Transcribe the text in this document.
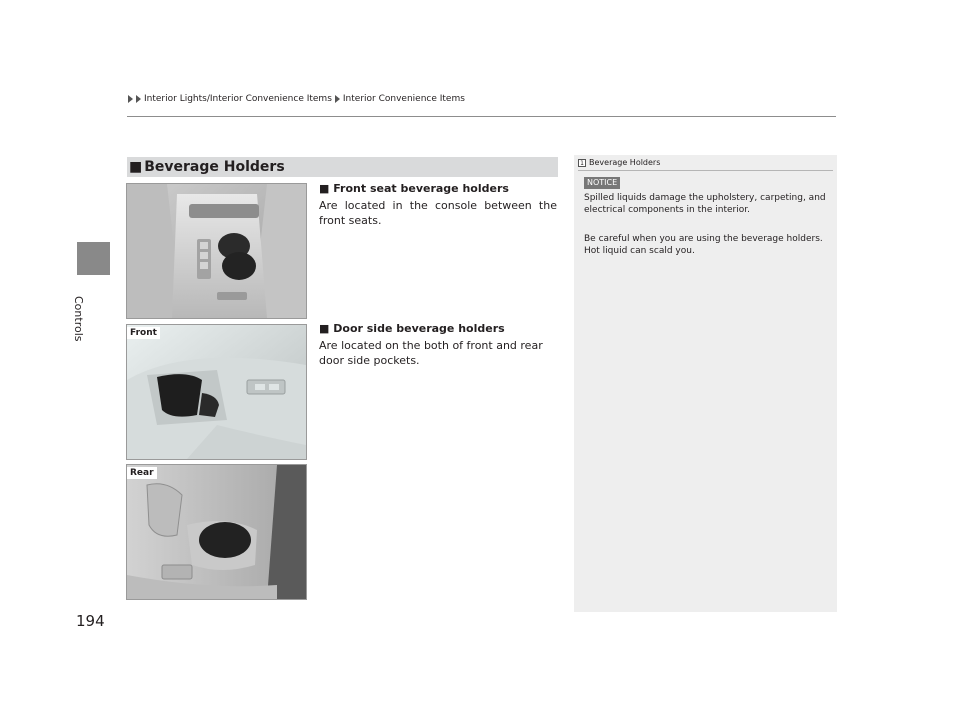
Controls
Interior Lights/Interior Convenience Items Interior Convenience Items
■ Beverage Holders
Front
Rear
■ Front seat beverage holders
Are located in the console between the front seats.
■ Door side beverage holders
Are located on the both of front and rear door side pockets.
1 Beverage Holders
NOTICE
Spilled liquids damage the upholstery, carpeting, and electrical components in the interior.
Be careful when you are using the beverage holders. Hot liquid can scald you.
194
